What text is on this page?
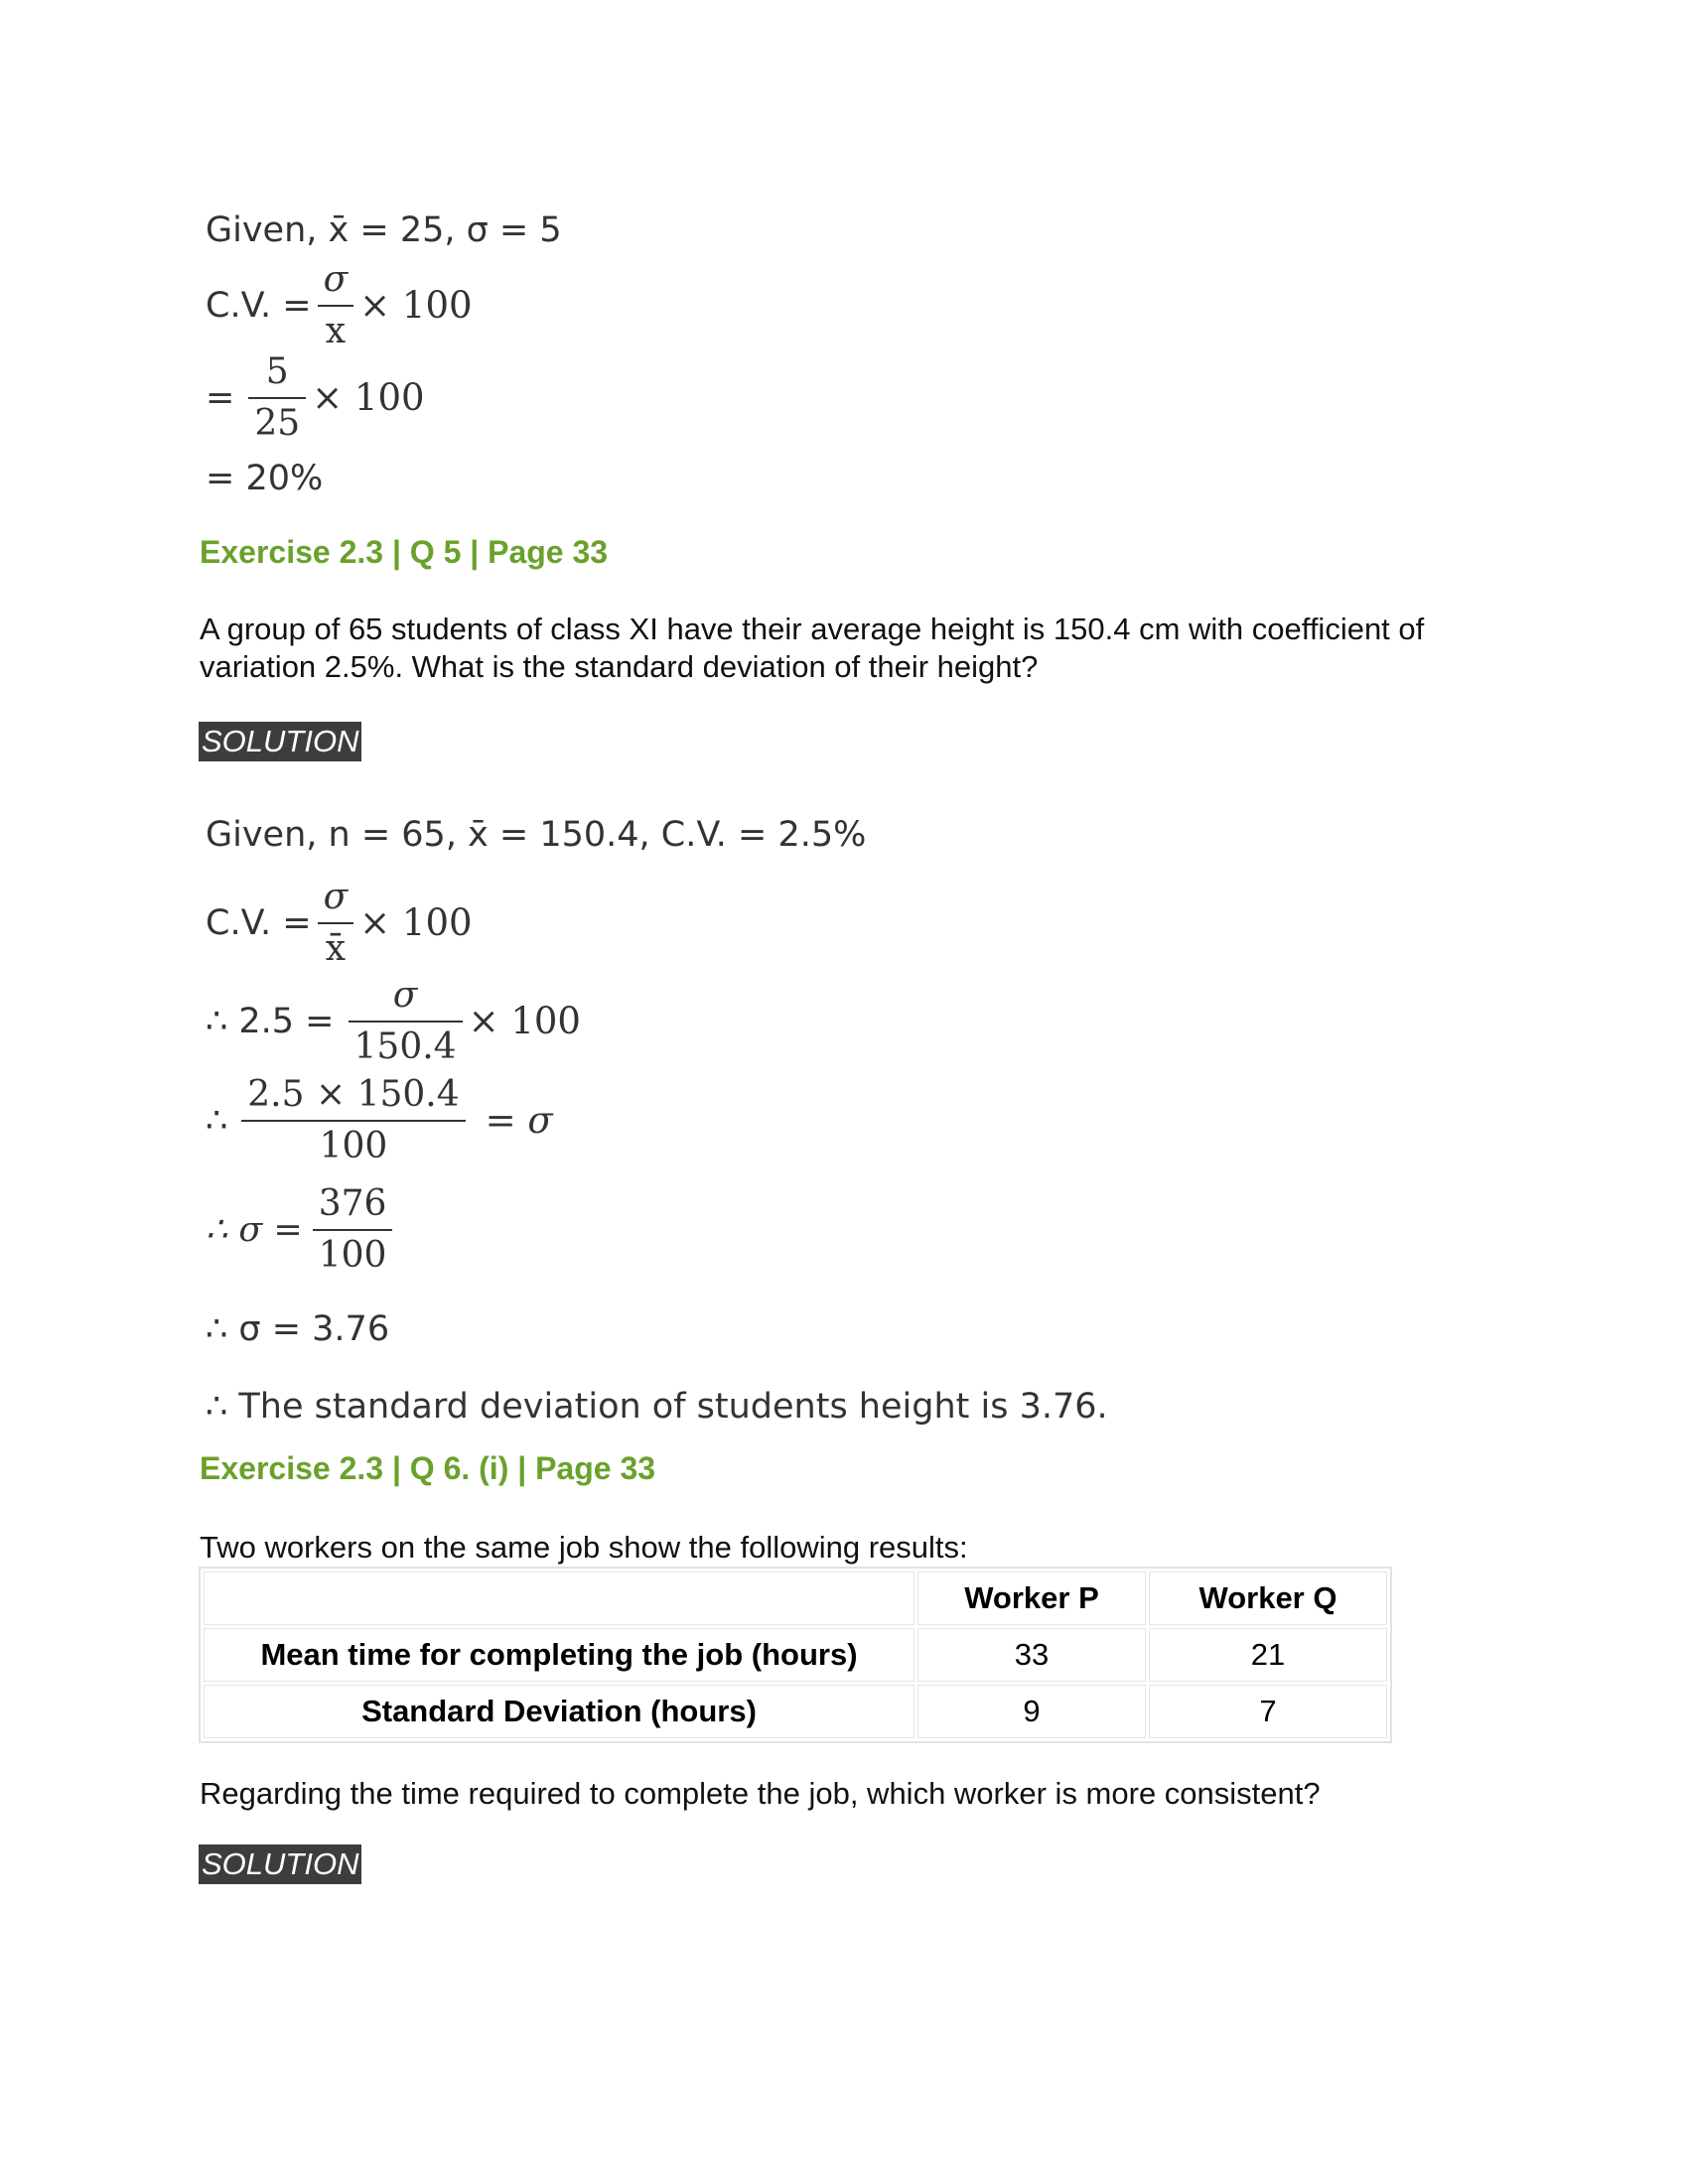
Given, x̄ = 25, σ = 5
C.V. = $\frac{\sigma}{x} \times 100$
= $\frac{5}{25} \times 100$
= 20%
Exercise 2.3 | Q 5 | Page 33
A group of 65 students of class XI have their average height is 150.4 cm with coefficient of variation 2.5%. What is the standard deviation of their height?
SOLUTION
Given, n = 65, x̄ = 150.4, C.V. = 2.5%
C.V. = $\frac{\sigma}{x̄} \times 100$
∴ $2.5 = \frac{\sigma}{150.4} \times 100$
∴ $\frac{2.5 \times 150.4}{100} = \sigma$
∴ $\sigma = \frac{376}{100}$
∴ σ = 3.76
∴ The standard deviation of students height is 3.76.
Exercise 2.3 | Q 6. (i) | Page 33
Two workers on the same job show the following results:
	Worker P	Worker Q
Mean time for completing the job (hours)	33	21
Standard Deviation (hours)	9	7
Regarding the time required to complete the job, which worker is more consistent?
SOLUTION
